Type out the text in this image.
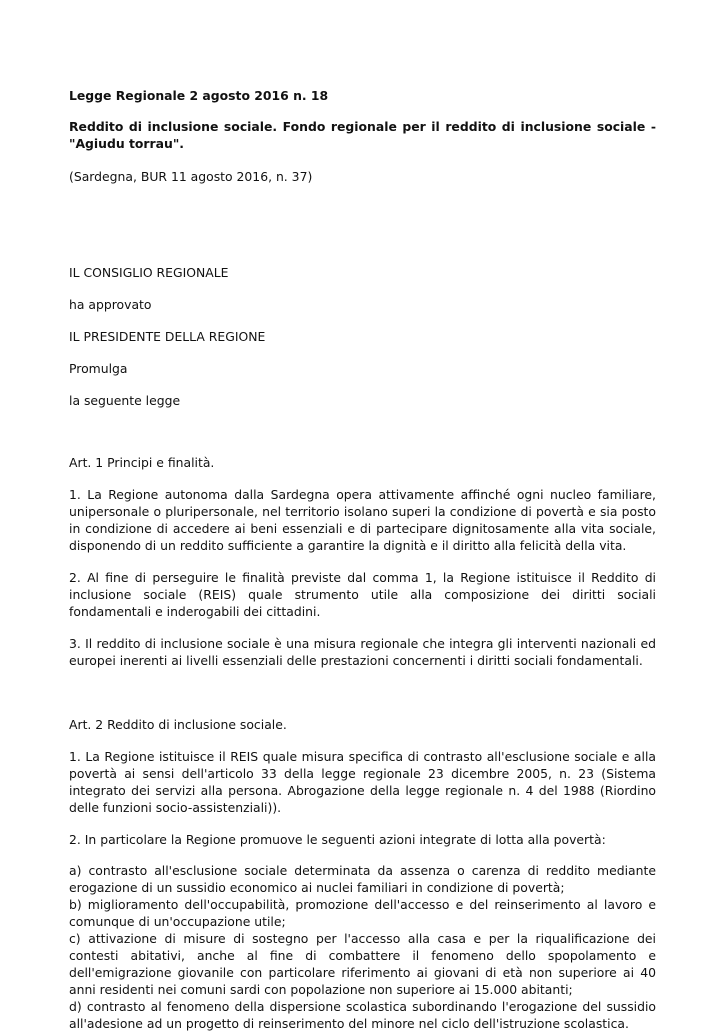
Legge Regionale 2 agosto 2016 n. 18
Reddito di inclusione sociale. Fondo regionale per il reddito di inclusione sociale - "Agiudu torrau".
(Sardegna, BUR 11 agosto 2016, n. 37)
IL CONSIGLIO REGIONALE
ha approvato
IL PRESIDENTE DELLA REGIONE
Promulga
la seguente legge
Art. 1 Principi e finalità.

1. La Regione autonoma dalla Sardegna opera attivamente affinché ogni nucleo familiare, unipersonale o pluripersonale, nel territorio isolano superi la condizione di povertà e sia posto in condizione di accedere ai beni essenziali e di partecipare dignitosamente alla vita sociale, disponendo di un reddito sufficiente a garantire la dignità e il diritto alla felicità della vita.

2. Al fine di perseguire le finalità previste dal comma 1, la Regione istituisce il Reddito di inclusione sociale (REIS) quale strumento utile alla composizione dei diritti sociali fondamentali e inderogabili dei cittadini.

3. Il reddito di inclusione sociale è una misura regionale che integra gli interventi nazionali ed europei inerenti ai livelli essenziali delle prestazioni concernenti i diritti sociali fondamentali.

Art. 2 Reddito di inclusione sociale.

1. La Regione istituisce il REIS quale misura specifica di contrasto all'esclusione sociale e alla povertà ai sensi dell'articolo 33 della legge regionale 23 dicembre 2005, n. 23 (Sistema integrato dei servizi alla persona. Abrogazione della legge regionale n. 4 del 1988 (Riordino delle funzioni socio-assistenziali)).

2. In particolare la Regione promuove le seguenti azioni integrate di lotta alla povertà:

a) contrasto all'esclusione sociale determinata da assenza o carenza di reddito mediante erogazione di un sussidio economico ai nuclei familiari in condizione di povertà;
b) miglioramento dell'occupabilità, promozione dell'accesso e del reinserimento al lavoro e comunque di un'occupazione utile;
c) attivazione di misure di sostegno per l'accesso alla casa e per la riqualificazione dei contesti abitativi, anche al fine di combattere il fenomeno dello spopolamento e dell'emigrazione giovanile con particolare riferimento ai giovani di età non superiore ai 40 anni residenti nei comuni sardi con popolazione non superiore ai 15.000 abitanti;
d) contrasto al fenomeno della dispersione scolastica subordinando l'erogazione del sussidio all'adesione ad un progetto di reinserimento del minore nel ciclo dell'istruzione scolastica.
